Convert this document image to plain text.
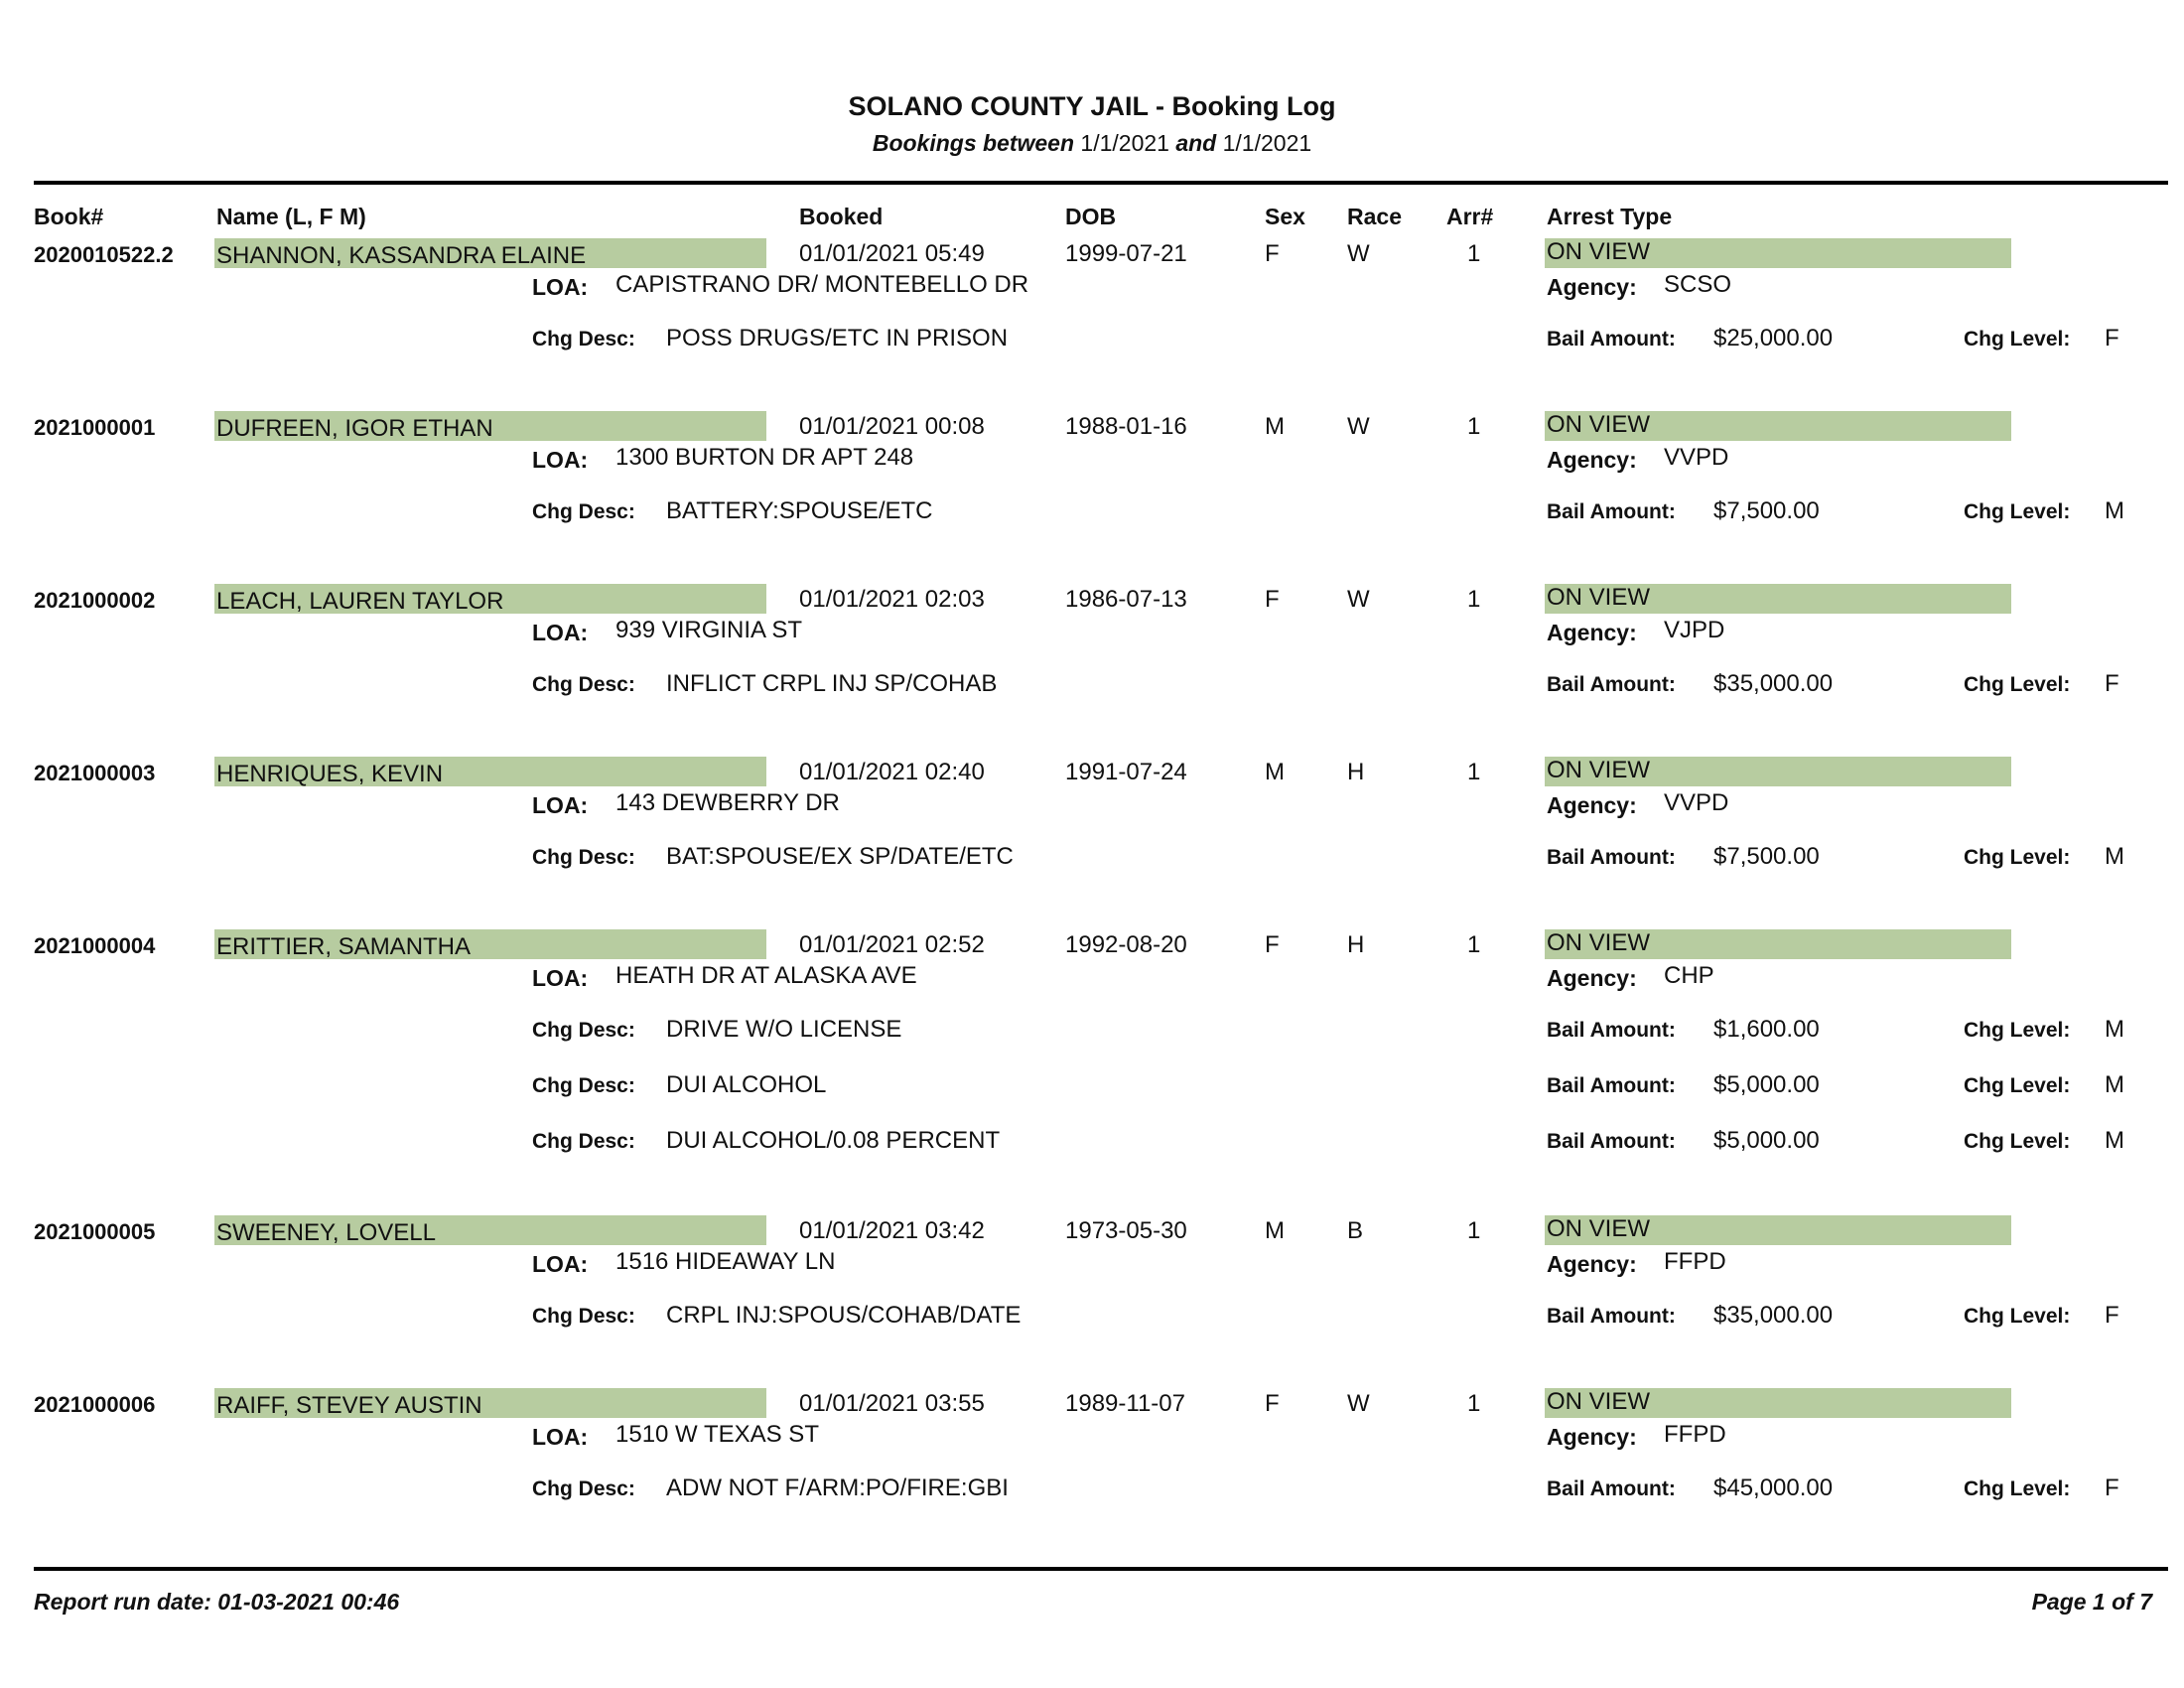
SOLANO COUNTY JAIL - Booking Log
Bookings between 1/1/2021 and 1/1/2021
Book#	Name (L, F M)	Booked	DOB	Sex Race Arr# Arrest Type
2020010522.2 SHANNON, KASSANDRA ELAINE	01/01/2021 05:49	1999-07-21	F	W	1	ON VIEW
LOA: CAPISTRANO DR/ MONTEBELLO DR	Agency: SCSO
Chg Desc: POSS DRUGS/ETC IN PRISON	Bail Amount: $25,000.00	Chg Level: F
2021000001	DUFREEN, IGOR ETHAN	01/01/2021 00:08	1988-01-16	M	W	1	ON VIEW
LOA: 1300 BURTON DR APT 248	Agency: VVPD
Chg Desc: BATTERY:SPOUSE/ETC	Bail Amount: $7,500.00	Chg Level: M
2021000002	LEACH, LAUREN TAYLOR	01/01/2021 02:03	1986-07-13	F	W	1	ON VIEW
LOA: 939 VIRGINIA ST	Agency: VJPD
Chg Desc: INFLICT CRPL INJ SP/COHAB	Bail Amount: $35,000.00	Chg Level: F
2021000003	HENRIQUES, KEVIN	01/01/2021 02:40	1991-07-24	M	H	1	ON VIEW
LOA: 143 DEWBERRY DR	Agency: VVPD
Chg Desc: BAT:SPOUSE/EX SP/DATE/ETC	Bail Amount: $7,500.00	Chg Level: M
2021000004	ERITTIER, SAMANTHA	01/01/2021 02:52	1992-08-20	F	H	1	ON VIEW
LOA: HEATH DR AT ALASKA AVE	Agency: CHP
Chg Desc: DRIVE W/O LICENSE	Bail Amount: $1,600.00	Chg Level: M
Chg Desc: DUI ALCOHOL	Bail Amount: $5,000.00	Chg Level: M
Chg Desc: DUI ALCOHOL/0.08 PERCENT	Bail Amount: $5,000.00	Chg Level: M
2021000005	SWEENEY, LOVELL	01/01/2021 03:42	1973-05-30	M	B	1	ON VIEW
LOA: 1516 HIDEAWAY LN	Agency: FFPD
Chg Desc: CRPL INJ:SPOUS/COHAB/DATE	Bail Amount: $35,000.00	Chg Level: F
2021000006	RAIFF, STEVEY AUSTIN	01/01/2021 03:55	1989-11-07	F	W	1	ON VIEW
LOA: 1510 W TEXAS ST	Agency: FFPD
Chg Desc: ADW NOT F/ARM:PO/FIRE:GBI	Bail Amount: $45,000.00	Chg Level: F
Report run date: 01-03-2021 00:46	Page 1 of 7
